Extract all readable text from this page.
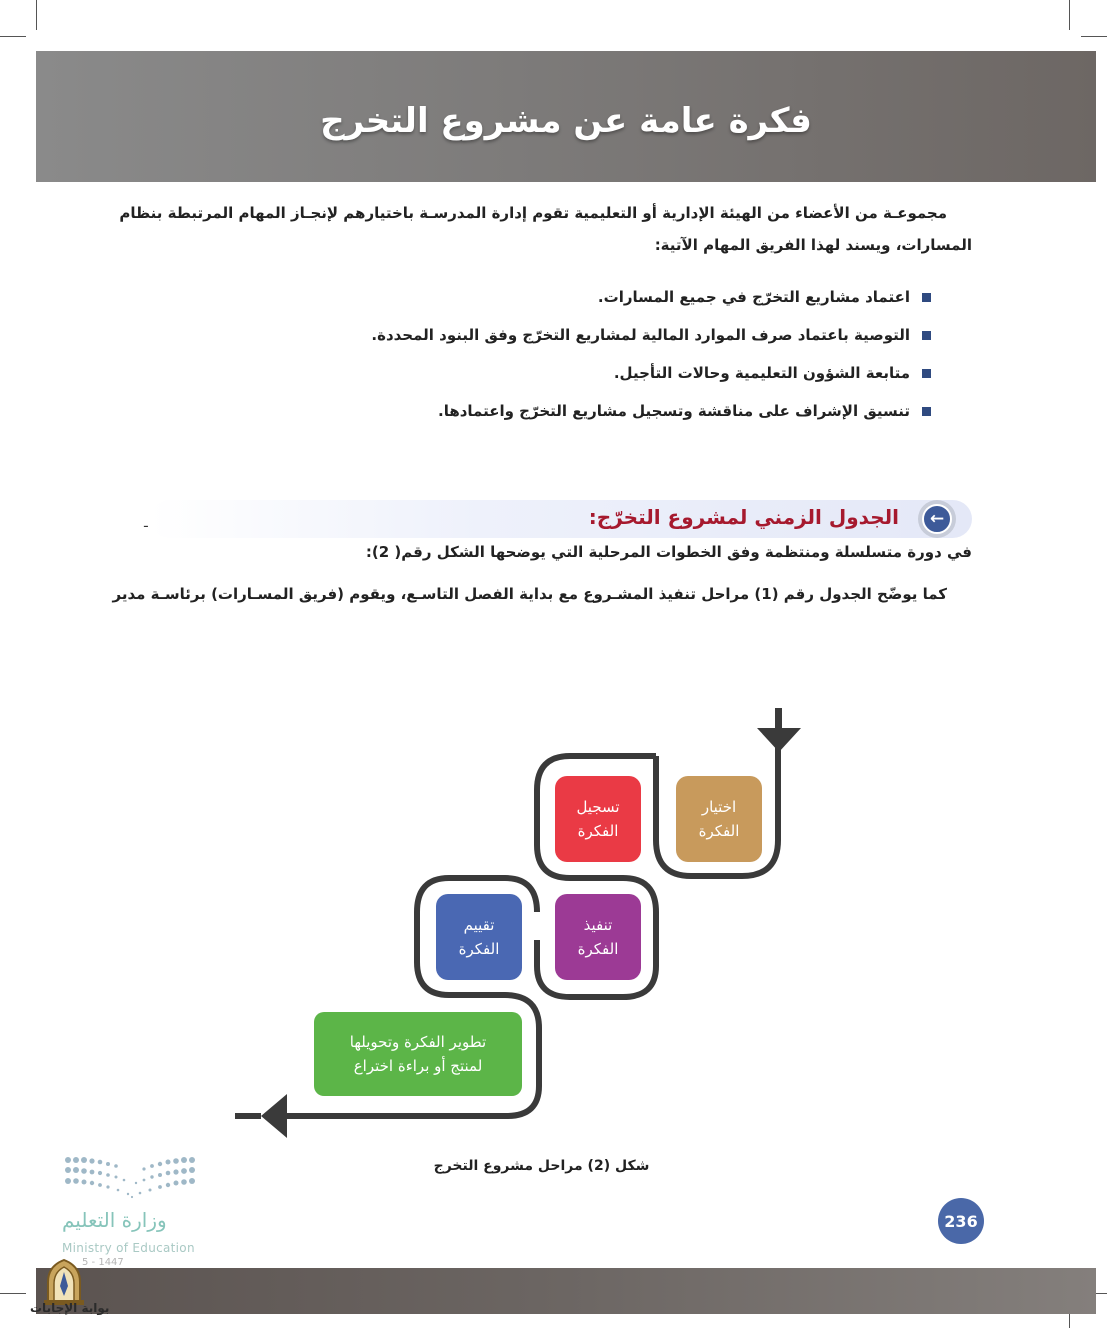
فكرة عامة عن مشروع التخرج
مجموعـة من الأعضاء من الهيئة الإدارية أو التعليمية تقوم إدارة المدرسـة باختيارهم لإنجـاز المهام المرتبطة بنظام
المسارات، ويسند لهذا الفريق المهام الآتية:
اعتماد مشاريع التخرّج في جميع المسارات.
التوصية باعتماد صرف الموارد المالية لمشاريع التخرّج وفق البنود المحددة.
متابعة الشؤون التعليمية وحالات التأجيل.
تنسيق الإشراف على مناقشة وتسجيل مشاريع التخرّج واعتمادها.
←
الجدول الزمني لمشروع التخرّج:
ـ
في دورة متسلسلة ومنتظمة وفق الخطوات المرحلية التي يوضحها الشكل رقم( 2):
كما يوضّح الجدول رقم (1) مراحل تنفيذ المشـروع مع بداية الفصل التاسـع، ويقوم (فريق المسـارات) برئاسـة مدير
اختيار
الفكرة
تسجيل
الفكرة
تنفيذ
الفكرة
تقييم
الفكرة
تطوير الفكرة وتحويلها
لمنتج أو براءة اختراع
شكل (2) مراحل مشروع التخرج
236
وزارة التعليم
Ministry of Education
5 - 1447
بوابة الإجابات
